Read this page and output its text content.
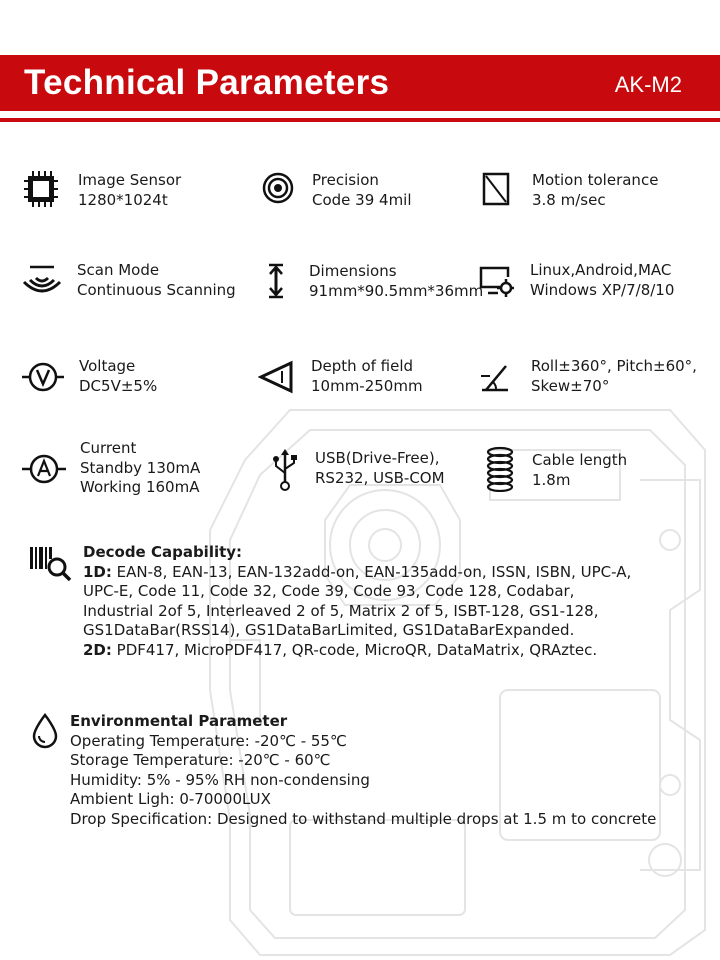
Technical Parameters	AK-M2
Image Sensor
1280*1024t
Precision
Code 39 4mil
Motion tolerance
3.8 m/sec
Scan Mode
Continuous Scanning
Dimensions
91mm*90.5mm*36mm
Linux,Android,MAC
Windows XP/7/8/10
Voltage
DC5V±5%
Depth of field
10mm-250mm
Roll±360°, Pitch±60°,
Skew±70°
Current
Standby 130mA
Working 160mA
USB(Drive-Free),
RS232, USB-COM
Cable length
1.8m
Decode Capability:
1D: EAN-8, EAN-13, EAN-132add-on, EAN-135add-on, ISSN, ISBN, UPC-A,
UPC-E, Code 11, Code 32, Code 39, Code 93, Code 128, Codabar,
Industrial 2of 5, Interleaved 2 of 5, Matrix 2 of 5, ISBT-128, GS1-128,
GS1DataBar(RSS14), GS1DataBarLimited, GS1DataBarExpanded.
2D: PDF417, MicroPDF417, QR-code, MicroQR, DataMatrix, QRAztec.
Environmental Parameter
Operating Temperature: -20℃ - 55℃
Storage Temperature: -20℃ - 60℃
Humidity: 5% - 95% RH non-condensing
Ambient Ligh: 0-70000LUX
Drop Specification: Designed to withstand multiple drops at 1.5 m to concrete
